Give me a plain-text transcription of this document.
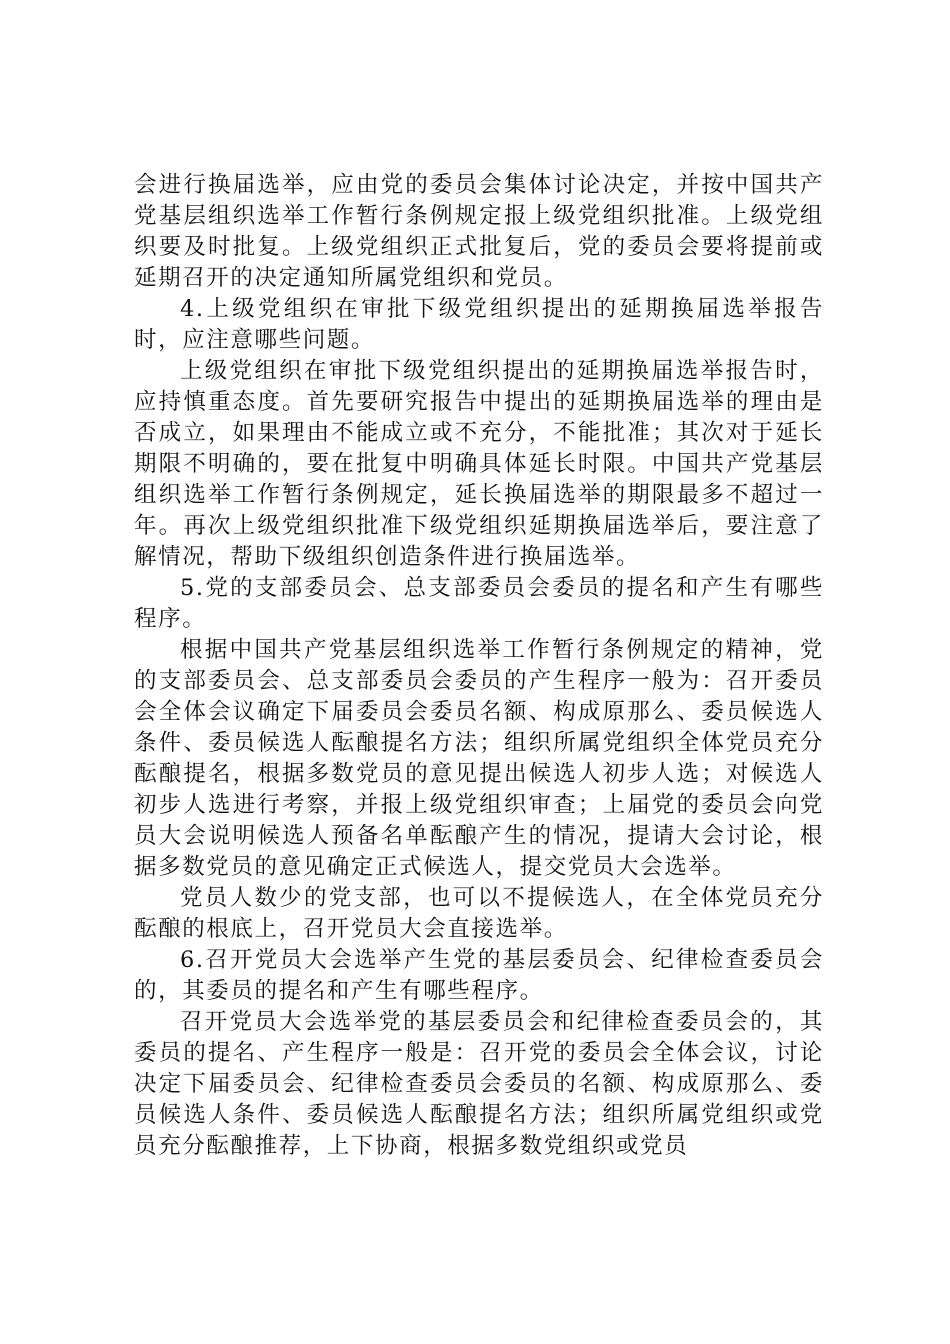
会进行换届选举，应由党的委员会集体讨论决定，并按中国共产党基层组织选举工作暂行条例规定报上级党组织批准。上级党组织要及时批复。上级党组织正式批复后，党的委员会要将提前或延期召开的决定通知所属党组织和党员。

4.上级党组织在审批下级党组织提出的延期换届选举报告时，应注意哪些问题。

上级党组织在审批下级党组织提出的延期换届选举报告时，应持慎重态度。首先要研究报告中提出的延期换届选举的理由是否成立，如果理由不能成立或不充分，不能批准；其次对于延长期限不明确的，要在批复中明确具体延长时限。中国共产党基层组织选举工作暂行条例规定，延长换届选举的期限最多不超过一年。再次上级党组织批准下级党组织延期换届选举后，要注意了解情况，帮助下级组织创造条件进行换届选举。

5.党的支部委员会、总支部委员会委员的提名和产生有哪些程序。

根据中国共产党基层组织选举工作暂行条例规定的精神，党的支部委员会、总支部委员会委员的产生程序一般为：召开委员会全体会议确定下届委员会委员名额、构成原那么、委员候选人条件、委员候选人酝酿提名方法；组织所属党组织全体党员充分酝酿提名，根据多数党员的意见提出候选人初步人选；对候选人初步人选进行考察，并报上级党组织审查；上届党的委员会向党员大会说明候选人预备名单酝酿产生的情况，提请大会讨论，根据多数党员的意见确定正式候选人，提交党员大会选举。

党员人数少的党支部，也可以不提候选人，在全体党员充分酝酿的根底上，召开党员大会直接选举。

6.召开党员大会选举产生党的基层委员会、纪律检查委员会的，其委员的提名和产生有哪些程序。

召开党员大会选举党的基层委员会和纪律检查委员会的，其委员的提名、产生程序一般是：召开党的委员会全体会议，讨论决定下届委员会、纪律检查委员会委员的名额、构成原那么、委员候选人条件、委员候选人酝酿提名方法；组织所属党组织或党员充分酝酿推荐，上下协商，根据多数党组织或党员
